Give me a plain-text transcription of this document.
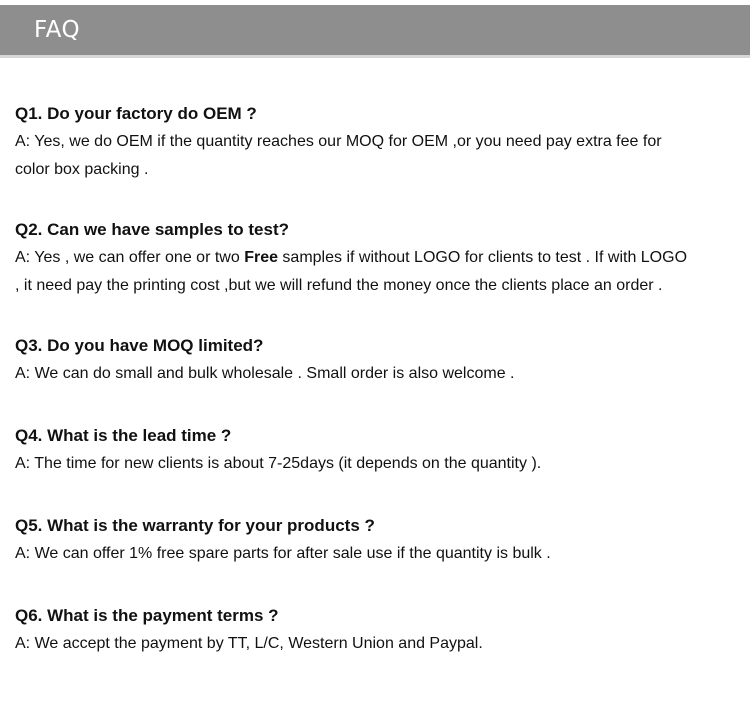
FAQ

Q1. Do your factory do OEM ?

A: Yes, we do OEM if the quantity reaches our MOQ for OEM ,or you need pay extra fee for
color box packing .

Q2. Can we have samples to test?

A: Yes , we can offer one or two Free samples if without LOGO for clients to test . If with LOGO
, it need pay the printing cost ,but we will refund the money once the clients place an order .

Q3. Do you have MOQ limited?

A: We can do small and bulk wholesale . Small order is also welcome .

Q4. What is the lead time ?

A: The time for new clients is about 7-25days (it depends on the quantity ).

Q5. What is the warranty for your products ?

A: We can offer 1% free spare parts for after sale use if the quantity is bulk .

Q6. What is the payment terms ?

A: We accept the payment by TT, L/C, Western Union and Paypal.
